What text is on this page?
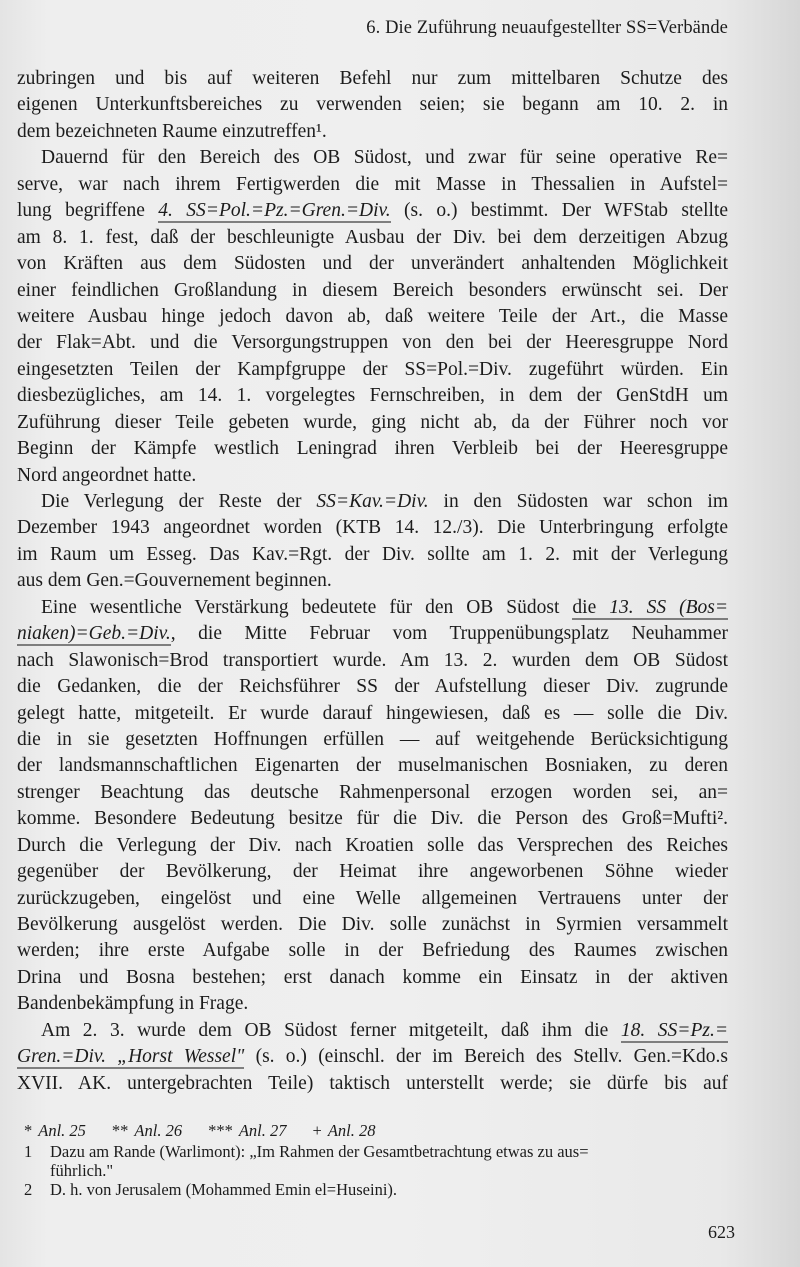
6. Die Zuführung neuaufgestellter SS=Verbände
zubringen und bis auf weiteren Befehl nur zum mittelbaren Schutze des
eigenen Unterkunftsbereiches zu verwenden seien; sie begann am 10. 2. in
dem bezeichneten Raume einzutreffen¹.
Dauernd für den Bereich des OB Südost, und zwar für seine operative Re=
serve, war nach ihrem Fertigwerden die mit Masse in Thessalien in Aufstel=
lung begriffene 4. SS=Pol.=Pz.=Gren.=Div. (s. o.) bestimmt. Der WFStab stellte
am 8. 1. fest, daß der beschleunigte Ausbau der Div. bei dem derzeitigen Abzug
von Kräften aus dem Südosten und der unverändert anhaltenden Möglichkeit
einer feindlichen Großlandung in diesem Bereich besonders erwünscht sei. Der
weitere Ausbau hinge jedoch davon ab, daß weitere Teile der Art., die Masse
der Flak=Abt. und die Versorgungstruppen von den bei der Heeresgruppe Nord
eingesetzten Teilen der Kampfgruppe der SS=Pol.=Div. zugeführt würden. Ein
diesbezügliches, am 14. 1. vorgelegtes Fernschreiben, in dem der GenStdH um
Zuführung dieser Teile gebeten wurde, ging nicht ab, da der Führer noch vor
Beginn der Kämpfe westlich Leningrad ihren Verbleib bei der Heeresgruppe
Nord angeordnet hatte.
Die Verlegung der Reste der SS=Kav.=Div. in den Südosten war schon im
Dezember 1943 angeordnet worden (KTB 14. 12./3). Die Unterbringung erfolgte
im Raum um Esseg. Das Kav.=Rgt. der Div. sollte am 1. 2. mit der Verlegung
aus dem Gen.=Gouvernement beginnen.
Eine wesentliche Verstärkung bedeutete für den OB Südost die 13. SS (Bos=
niaken)=Geb.=Div., die Mitte Februar vom Truppenübungsplatz Neuhammer
nach Slawonisch=Brod transportiert wurde. Am 13. 2. wurden dem OB Südost
die Gedanken, die der Reichsführer SS der Aufstellung dieser Div. zugrunde
gelegt hatte, mitgeteilt. Er wurde darauf hingewiesen, daß es — solle die Div.
die in sie gesetzten Hoffnungen erfüllen — auf weitgehende Berücksichtigung
der landsmannschaftlichen Eigenarten der muselmanischen Bosniaken, zu deren
strenger Beachtung das deutsche Rahmenpersonal erzogen worden sei, an=
komme. Besondere Bedeutung besitze für die Div. die Person des Groß=Mufti².
Durch die Verlegung der Div. nach Kroatien solle das Versprechen des Reiches
gegenüber der Bevölkerung, der Heimat ihre angeworbenen Söhne wieder
zurückzugeben, eingelöst und eine Welle allgemeinen Vertrauens unter der
Bevölkerung ausgelöst werden. Die Div. solle zunächst in Syrmien versammelt
werden; ihre erste Aufgabe solle in der Befriedung des Raumes zwischen
Drina und Bosna bestehen; erst danach komme ein Einsatz in der aktiven
Bandenbekämpfung in Frage.
Am 2. 3. wurde dem OB Südost ferner mitgeteilt, daß ihm die 18. SS=Pz.=
Gren.=Div. „Horst Wessel" (s. o.) (einschl. der im Bereich des Stellv. Gen.=Kdo.s
XVII. AK. untergebrachten Teile) taktisch unterstellt werde; sie dürfe bis auf
* Anl. 25 ** Anl. 26 *** Anl. 27 + Anl. 28
1	Dazu am Rande (Warlimont): „Im Rahmen der Gesamtbetrachtung etwas zu aus=
führlich."
2	D. h. von Jerusalem (Mohammed Emin el=Huseini).
623
